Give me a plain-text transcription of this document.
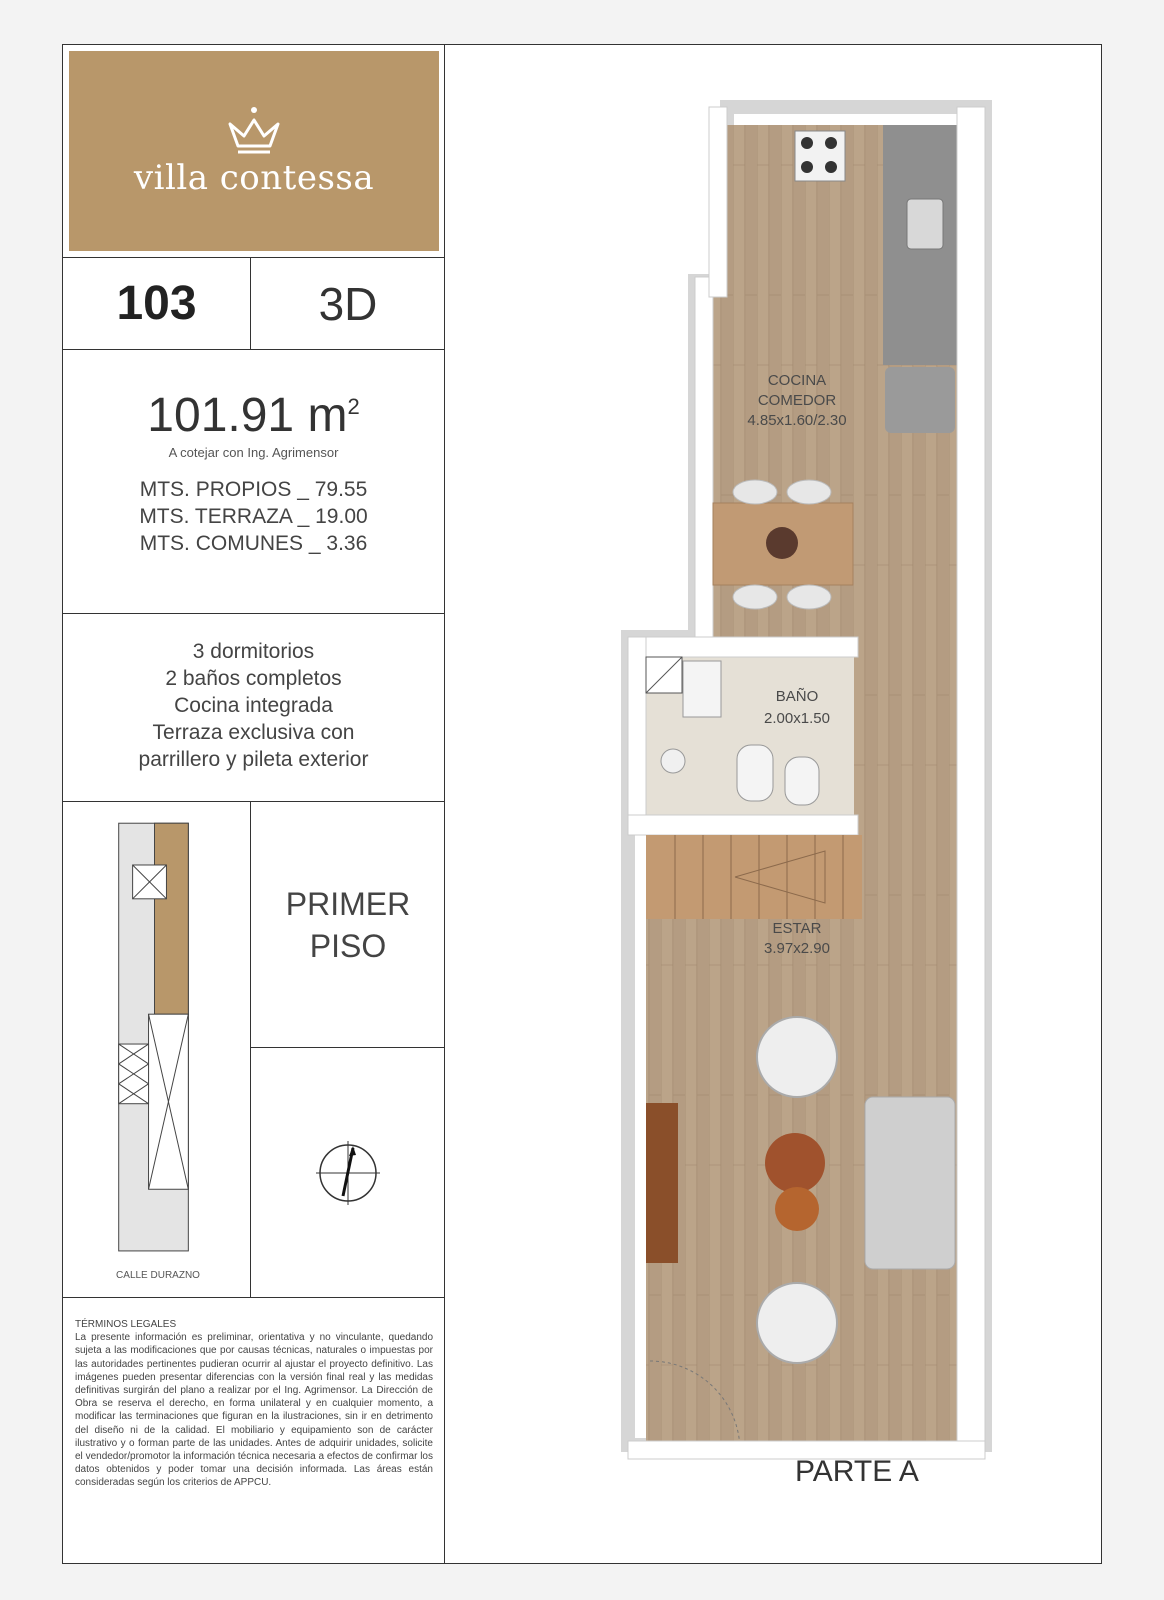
villa contessa
103	3D
101.91 $m^2$
A cotejar con Ing. Agrimensor
MTS. PROPIOS _ 79.55
MTS. TERRAZA _ 19.00
MTS. COMUNES _ 3.36
3 dormitorios
2 baños completos
Cocina integrada
Terraza exclusiva con
parrillero y pileta exterior
CALLE DURAZNO
PRIMER
PISO
TÉRMINOS LEGALES
La presente información es preliminar, orientativa y no vinculante, quedando sujeta a las modificaciones que por causas técnicas, naturales o impuestas por las autoridades pertinentes pudieran ocurrir al ajustar el proyecto definitivo. Las imágenes pueden presentar diferencias con la versión final real y las medidas definitivas surgirán del plano a realizar por el Ing. Agrimensor. La Dirección de Obra se reserva el derecho, en forma unilateral y en cualquier momento, a modificar las terminaciones que figuran en la ilustraciones, sin ir en detrimento del diseño ni de la calidad. El mobiliario y equipamiento son de carácter ilustrativo y o forman parte de las unidades. Antes de adquirir unidades, solicite el vendedor/promotor la información técnica necesaria a efectos de confirmar los datos obtenidos y poder tomar una decisión informada. Las áreas están consideradas según los criterios de APPCU.
COCINA
COMEDOR
4.85x1.60/2.30
BAÑO
2.00x1.50
ESTAR
3.97x2.90
PARTE A
